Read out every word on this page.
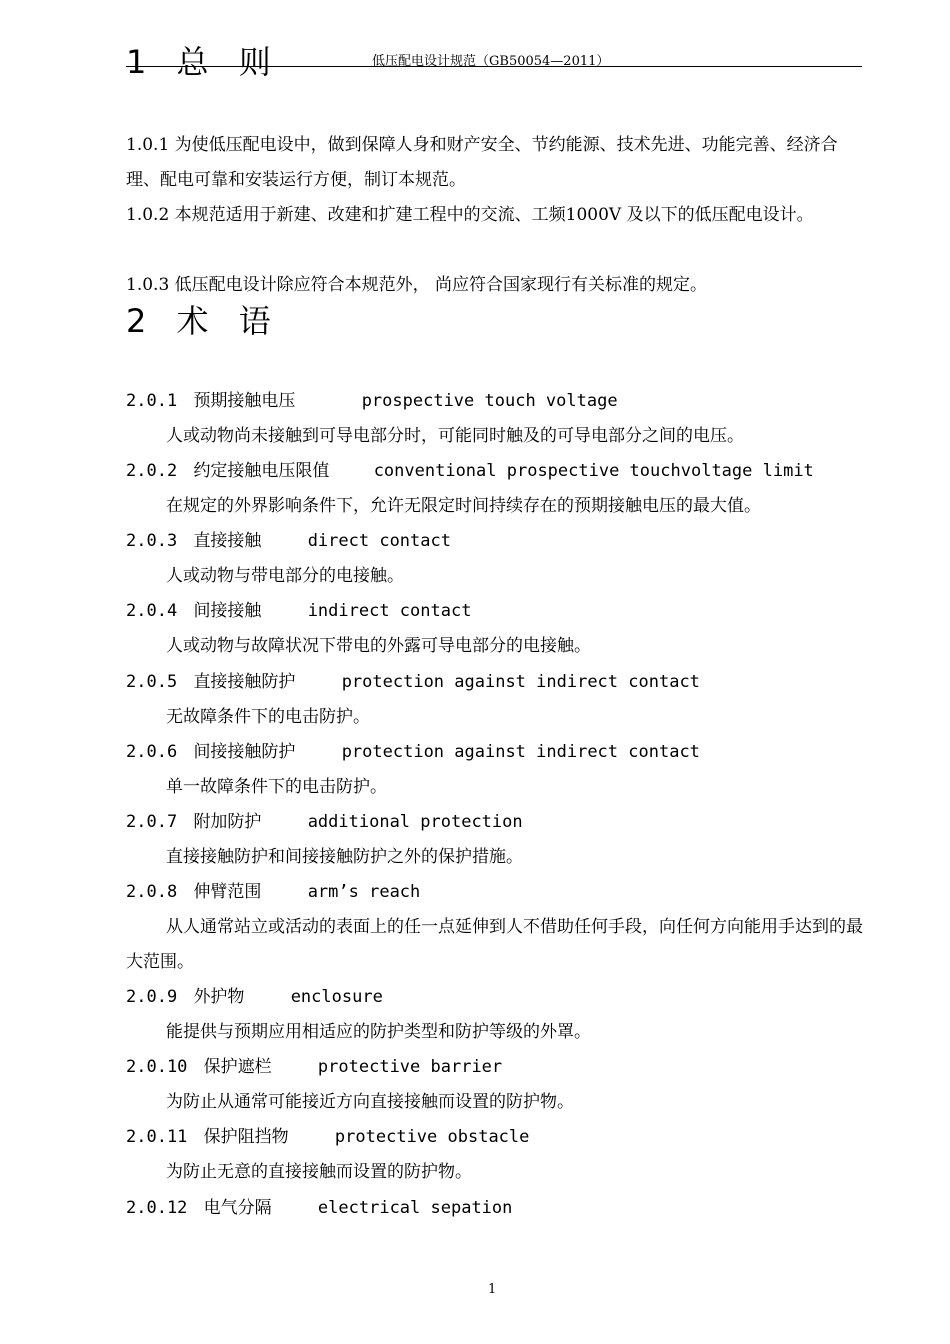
1 总 则	低压配电设计规范（GB50054—2011）
1.0.1 为使低压配电设中，做到保障人身和财产安全、节约能源、技术先进、功能完善、经济合理、配电可靠和安装运行方便，制订本规范。
1.0.2 本规范适用于新建、改建和扩建工程中的交流、工频1000V 及以下的低压配电设计。
1.0.3 低压配电设计除应符合本规范外， 尚应符合国家现行有关标准的规定。
2 术 语
2.0.1 预期接触电压	prospective touch voltage
人或动物尚未接触到可导电部分时，可能同时触及的可导电部分之间的电压。
2.0.2 约定接触电压限值	conventional prospective touchvoltage limit
在规定的外界影响条件下，允许无限定时间持续存在的预期接触电压的最大值。
2.0.3 直接接触	direct contact
人或动物与带电部分的电接触。
2.0.4 间接接触	indirect contact
人或动物与故障状况下带电的外露可导电部分的电接触。
2.0.5 直接接触防护	protection against indirect contact
无故障条件下的电击防护。
2.0.6 间接接触防护	protection against indirect contact
单一故障条件下的电击防护。
2.0.7 附加防护	additional protection
直接接触防护和间接接触防护之外的保护措施。
2.0.8 伸臂范围	arm’s reach
从人通常站立或活动的表面上的任一点延伸到人不借助任何手段，向任何方向能用手达到的最大范围。
2.0.9 外护物	enclosure
能提供与预期应用相适应的防护类型和防护等级的外罩。
2.0.10 保护遮栏	protective barrier
为防止从通常可能接近方向直接接触而设置的防护物。
2.0.11 保护阻挡物	protective obstacle
为防止无意的直接接触而设置的防护物。
2.0.12 电气分隔	electrical sepation
1
